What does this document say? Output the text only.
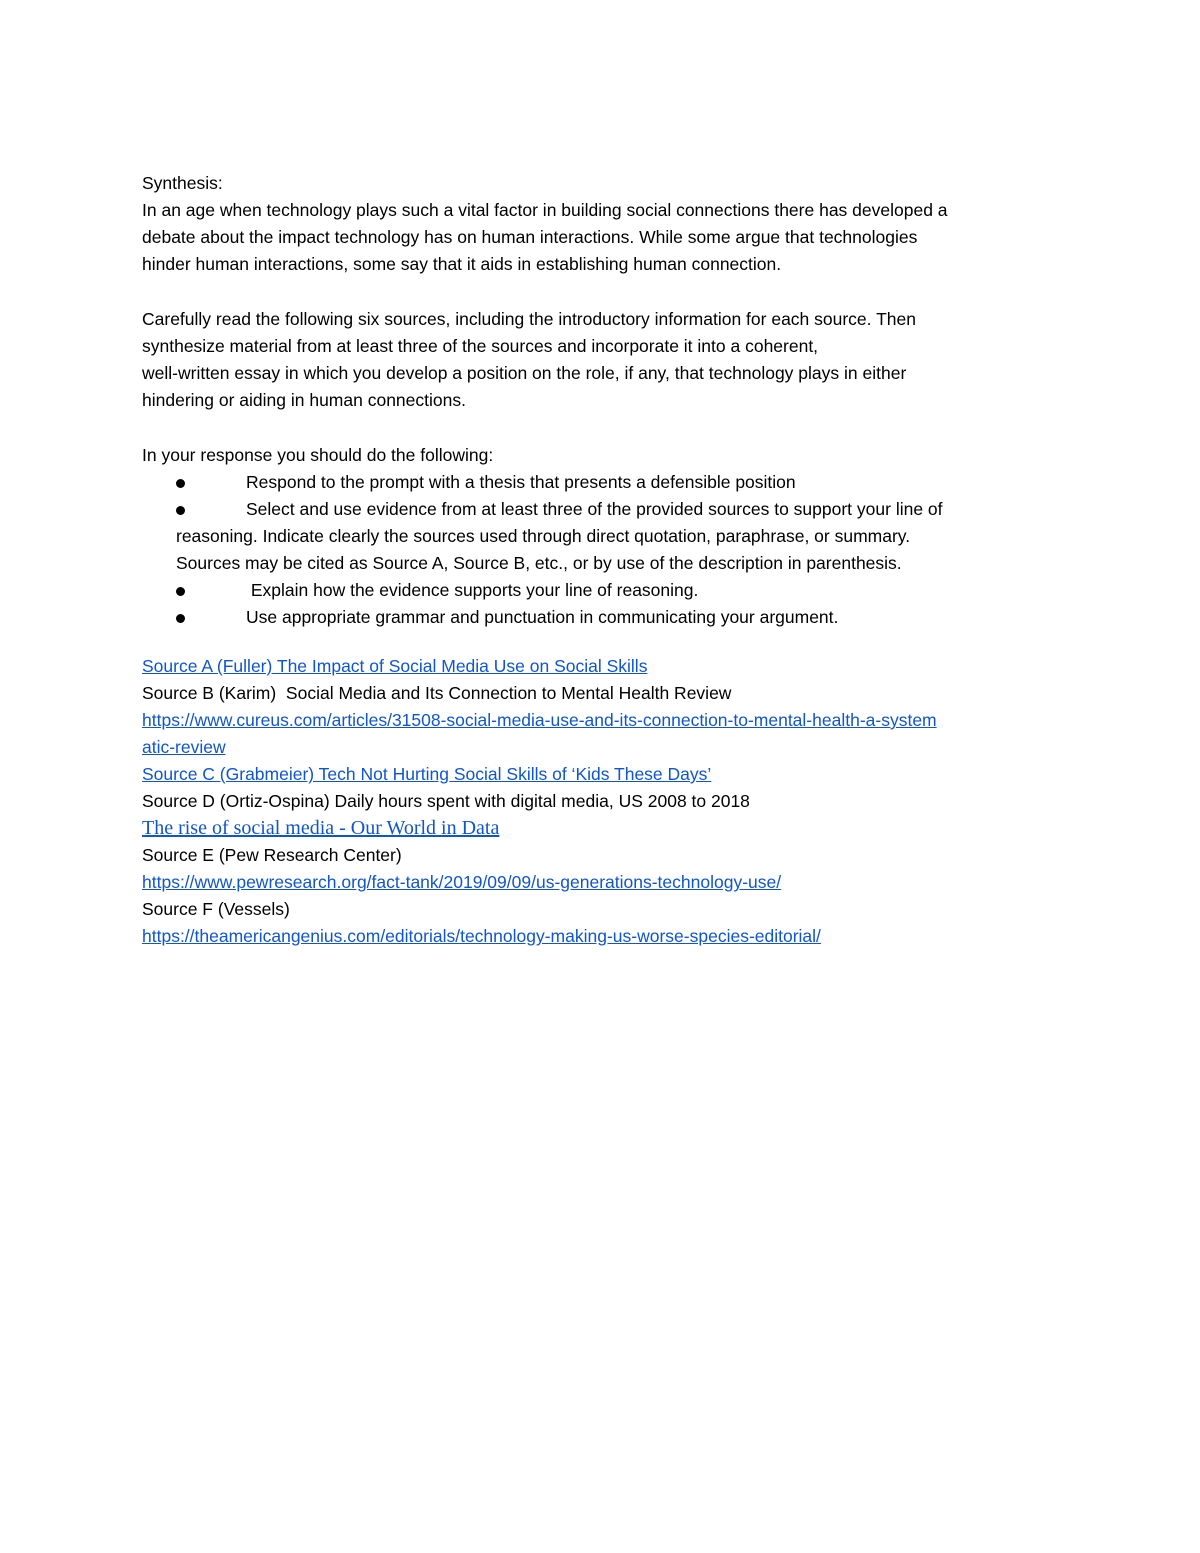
Synthesis:
In an age when technology plays such a vital factor in building social connections there has developed a
debate about the impact technology has on human interactions. While some argue that technologies
hinder human interactions, some say that it aids in establishing human connection.
Carefully read the following six sources, including the introductory information for each source. Then
synthesize material from at least three of the sources and incorporate it into a coherent,
well-written essay in which you develop a position on the role, if any, that technology plays in either
hindering or aiding in human connections.
In your response you should do the following:
Respond to the prompt with a thesis that presents a defensible position
Select and use evidence from at least three of the provided sources to support your line of
reasoning. Indicate clearly the sources used through direct quotation, paraphrase, or summary.
Sources may be cited as Source A, Source B, etc., or by use of the description in parenthesis.
Explain how the evidence supports your line of reasoning.
Use appropriate grammar and punctuation in communicating your argument.
Source A (Fuller) The Impact of Social Media Use on Social Skills
Source B (Karim)  Social Media and Its Connection to Mental Health Review
https://www.cureus.com/articles/31508-social-media-use-and-its-connection-to-mental-health-a-system
atic-review
Source C (Grabmeier) Tech Not Hurting Social Skills of ‘Kids These Days’
Source D (Ortiz-Ospina) Daily hours spent with digital media, US 2008 to 2018
The rise of social media - Our World in Data
Source E (Pew Research Center)
https://www.pewresearch.org/fact-tank/2019/09/09/us-generations-technology-use/
Source F (Vessels)
https://theamericangenius.com/editorials/technology-making-us-worse-species-editorial/
